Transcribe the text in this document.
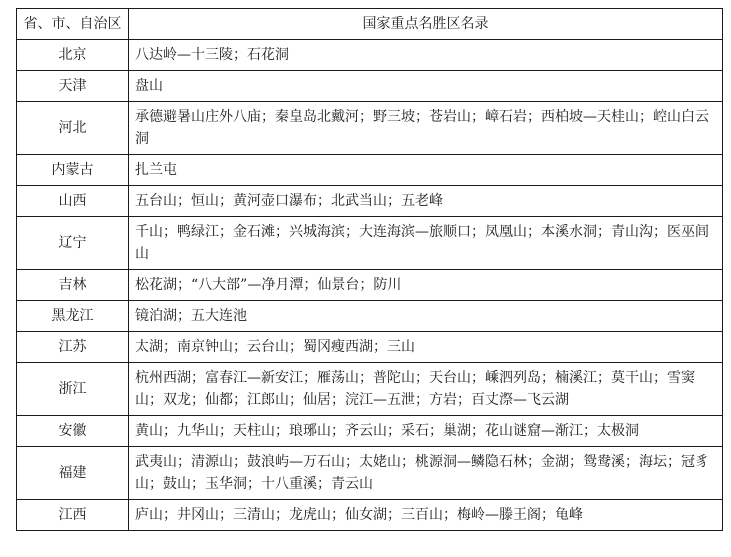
省、市、自治区	国家重点名胜区名录
北京	八达岭—十三陵；石花洞
天津	盘山
河北	承德避暑山庄外八庙；秦皇岛北戴河；野三坡；苍岩山；嶂石岩；西柏坡—天桂山；崆山白云洞
内蒙古	扎兰屯
山西	五台山；恒山；黄河壶口瀑布；北武当山；五老峰
辽宁	千山；鸭绿江；金石滩；兴城海滨；大连海滨—旅顺口；凤凰山；本溪水洞；青山沟；医巫闾山
吉林	松花湖；“八大部”—净月潭；仙景台；防川
黑龙江	镜泊湖；五大连池
江苏	太湖；南京钟山；云台山；蜀冈瘦西湖；三山
浙江	杭州西湖；富春江—新安江；雁荡山；普陀山；天台山；嵊泗列岛；楠溪江；莫干山；雪窦山；双龙；仙都；江郎山；仙居；浣江—五泄；方岩；百丈漈—飞云湖
安徽	黄山；九华山；天柱山；琅琊山；齐云山；采石；巢湖；花山谜窟—渐江；太极洞
福建	武夷山；清源山；鼓浪屿—万石山；太姥山；桃源洞—鳞隐石林；金湖；鸳鸯溪；海坛；冠豸山；鼓山；玉华洞；十八重溪；青云山
江西	庐山；井冈山；三清山；龙虎山；仙女湖；三百山；梅岭—滕王阁；龟峰
